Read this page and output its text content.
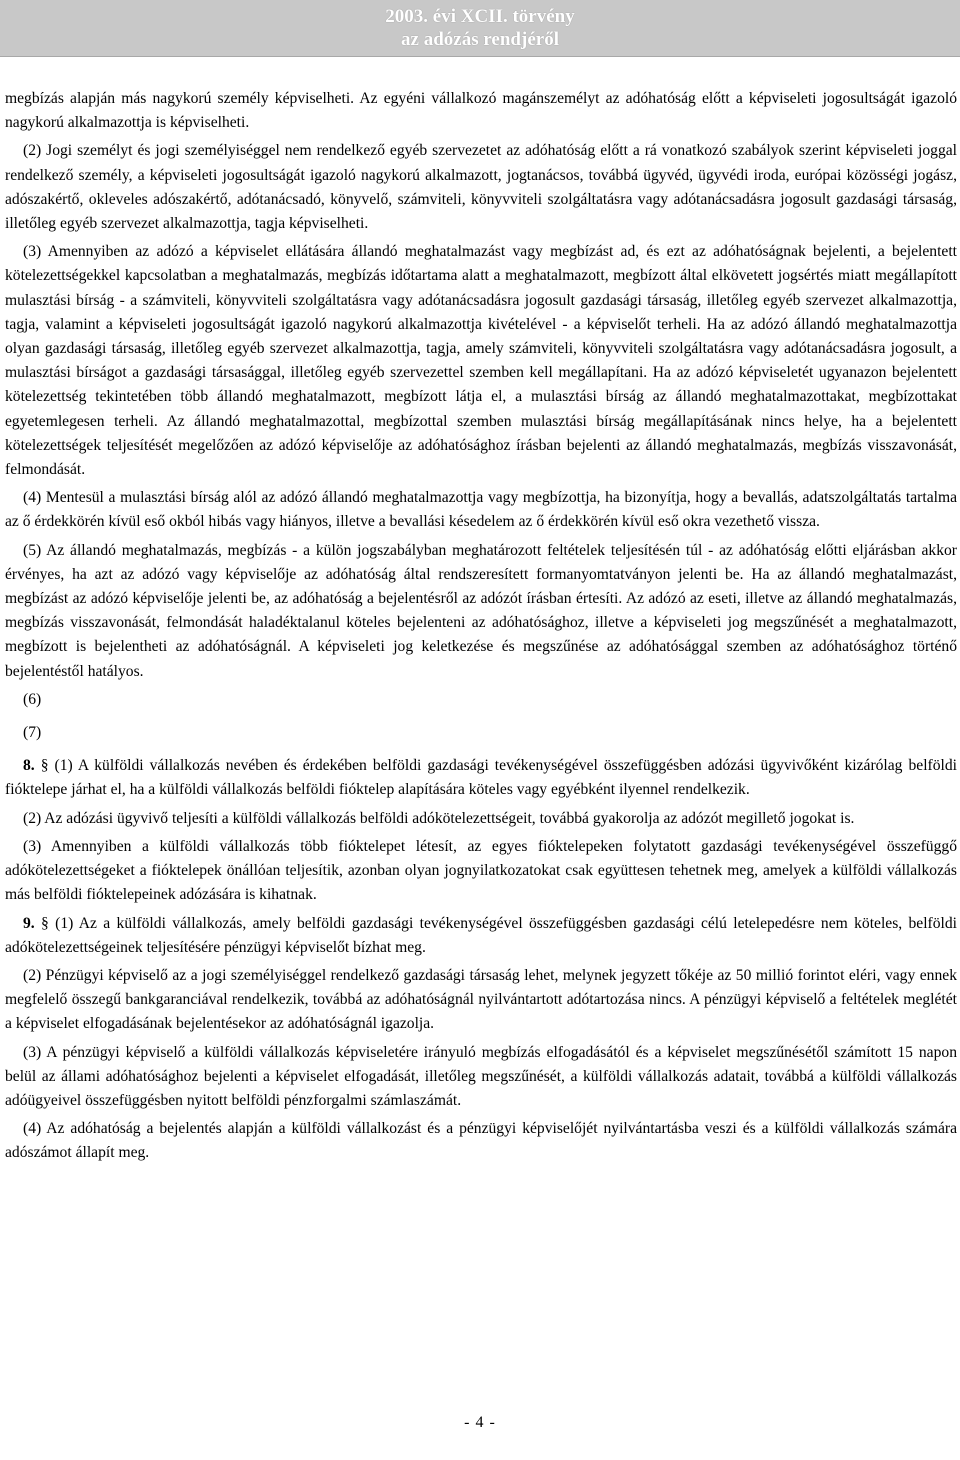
2003. évi XCII. törvény
az adózás rendjéről

megbízás alapján más nagykorú személy képviselheti. Az egyéni vállalkozó magánszemélyt az adóhatóság előtt a képviseleti jogosultságát igazoló nagykorú alkalmazottja is képviselheti.

(2) Jogi személyt és jogi személyiséggel nem rendelkező egyéb szervezetet az adóhatóság előtt a rá vonatkozó szabályok szerint képviseleti joggal rendelkező személy, a képviseleti jogosultságát igazoló nagykorú alkalmazott, jogtanácsos, továbbá ügyvéd, ügyvédi iroda, európai közösségi jogász, adószakértő, okleveles adószakértő, adótanácsadó, könyvelő, számviteli, könyvviteli szolgáltatásra vagy adótanácsadásra jogosult gazdasági társaság, illetőleg egyéb szervezet alkalmazottja, tagja képviselheti.

(3) Amennyiben az adózó a képviselet ellátására állandó meghatalmazást vagy megbízást ad, és ezt az adóhatóságnak bejelenti, a bejelentett kötelezettségekkel kapcsolatban a meghatalmazás, megbízás időtartama alatt a meghatalmazott, megbízott által elkövetett jogsértés miatt megállapított mulasztási bírság - a számviteli, könyvviteli szolgáltatásra vagy adótanácsadásra jogosult gazdasági társaság, illetőleg egyéb szervezet alkalmazottja, tagja, valamint a képviseleti jogosultságát igazoló nagykorú alkalmazottja kivételével - a képviselőt terheli. Ha az adózó állandó meghatalmazottja olyan gazdasági társaság, illetőleg egyéb szervezet alkalmazottja, tagja, amely számviteli, könyvviteli szolgáltatásra vagy adótanácsadásra jogosult, a mulasztási bírságot a gazdasági társasággal, illetőleg egyéb szervezettel szemben kell megállapítani. Ha az adózó képviseletét ugyanazon bejelentett kötelezettség tekintetében több állandó meghatalmazott, megbízott látja el, a mulasztási bírság az állandó meghatalmazottakat, megbízottakat egyetemlegesen terheli. Az állandó meghatalmazottal, megbízottal szemben mulasztási bírság megállapításának nincs helye, ha a bejelentett kötelezettségek teljesítését megelőzően az adózó képviselője az adóhatósághoz írásban bejelenti az állandó meghatalmazás, megbízás visszavonását, felmondását.

(4) Mentesül a mulasztási bírság alól az adózó állandó meghatalmazottja vagy megbízottja, ha bizonyítja, hogy a bevallás, adatszolgáltatás tartalma az ő érdekkörén kívül eső okból hibás vagy hiányos, illetve a bevallási késedelem az ő érdekkörén kívül eső okra vezethető vissza.

(5) Az állandó meghatalmazás, megbízás - a külön jogszabályban meghatározott feltételek teljesítésén túl - az adóhatóság előtti eljárásban akkor érvényes, ha azt az adózó vagy képviselője az adóhatóság által rendszeresített formanyomtatványon jelenti be. Ha az állandó meghatalmazást, megbízást az adózó képviselője jelenti be, az adóhatóság a bejelentésről az adózót írásban értesíti. Az adózó az eseti, illetve az állandó meghatalmazás, megbízás visszavonását, felmondását haladéktalanul köteles bejelenteni az adóhatósághoz, illetve a képviseleti jog megszűnését a meghatalmazott, megbízott is bejelentheti az adóhatóságnál. A képviseleti jog keletkezése és megszűnése az adóhatósággal szemben az adóhatósághoz történő bejelentéstől hatályos.

(6)

(7)

8. § (1) A külföldi vállalkozás nevében és érdekében belföldi gazdasági tevékenységével összefüggésben adózási ügyvivőként kizárólag belföldi fióktelepe járhat el, ha a külföldi vállalkozás belföldi fióktelep alapítására köteles vagy egyébként ilyennel rendelkezik.

(2) Az adózási ügyvivő teljesíti a külföldi vállalkozás belföldi adókötelezettségeit, továbbá gyakorolja az adózót megillető jogokat is.

(3) Amennyiben a külföldi vállalkozás több fióktelepet létesít, az egyes fióktelepeken folytatott gazdasági tevékenységével összefüggő adókötelezettségeket a fióktelepek önállóan teljesítik, azonban olyan jognyilatkozatokat csak együttesen tehetnek meg, amelyek a külföldi vállalkozás más belföldi fióktelepeinek adózására is kihatnak.

9. § (1) Az a külföldi vállalkozás, amely belföldi gazdasági tevékenységével összefüggésben gazdasági célú letelepedésre nem köteles, belföldi adókötelezettségeinek teljesítésére pénzügyi képviselőt bízhat meg.

(2) Pénzügyi képviselő az a jogi személyiséggel rendelkező gazdasági társaság lehet, melynek jegyzett tőkéje az 50 millió forintot eléri, vagy ennek megfelelő összegű bankgaranciával rendelkezik, továbbá az adóhatóságnál nyilvántartott adótartozása nincs. A pénzügyi képviselő a feltételek meglétét a képviselet elfogadásának bejelentésekor az adóhatóságnál igazolja.

(3) A pénzügyi képviselő a külföldi vállalkozás képviseletére irányuló megbízás elfogadásától és a képviselet megszűnésétől számított 15 napon belül az állami adóhatósághoz bejelenti a képviselet elfogadását, illetőleg megszűnését, a külföldi vállalkozás adatait, továbbá a külföldi vállalkozás adóügyeivel összefüggésben nyitott belföldi pénzforgalmi számlaszámát.

(4) Az adóhatóság a bejelentés alapján a külföldi vállalkozást és a pénzügyi képviselőjét nyilvántartásba veszi és a külföldi vállalkozás számára adószámot állapít meg.

- 4 -
